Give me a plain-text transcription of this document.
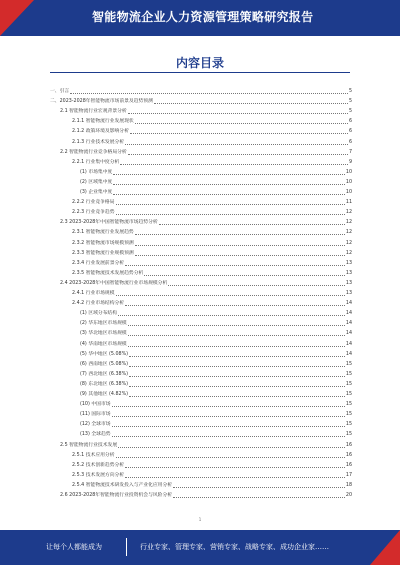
智能物流企业人力资源管理策略研究报告
内容目录
一、引言	5
二、2023-2028年智能物流市场前景及趋势预测	5
2.1 智能物流行业宏观背景分析	5
2.1.1 智能物流行业发展现状	6
2.1.2 政策环境及影响分析	6
2.1.3 行业技术发展分析	6
2.2 智能物流行业竞争格局分析	7
2.2.1 行业集中度分析	9
(1) 市场集中度	10
(2) 区域集中度	10
(3) 企业集中度	10
2.2.2 行业竞争格局	11
2.2.3 行业竞争趋势	12
2.3 2023-2028年中国智能物流市场趋势分析	12
2.3.1 智能物流行业发展趋势	12
2.3.2 智能物流市场规模预测	12
2.3.3 智能物流行业规模预测	12
2.3.4 行业发展前景分析	13
2.3.5 智能物流技术发展趋势分析	13
2.4 2023-2028年中国智能物流行业市场规模分析	13
2.4.1 行业市场规模	13
2.4.2 行业市场结构分析	14
(1) 区域分布结构	14
(2) 华东地区市场规模	14
(3) 华北地区市场规模	14
(4) 华南地区市场规模	14
(5) 华中地区 (5.08%)	14
(6) 西南地区 (5.08%)	15
(7) 西北地区 (6.38%)	15
(8) 东北地区 (6.38%)	15
(9) 其他地区 (4.82%)	15
(10) 中国市场	15
(11) 国际市场	15
(12) 全球市场	15
(13) 全球趋势	15
2.5 智能物流行业技术发展	16
2.5.1 技术应用分析	16
2.5.2 技术创新趋势分析	16
2.5.3 技术发展方向分析	17
2.5.4 智能物流技术研发投入与产业化应用分析	18
2.6 2023-2028年智能物流行业投资机会与风险分析	20
1
让每个人都能成为	行业专家、管理专家、营销专家、战略专家、成功企业家……
